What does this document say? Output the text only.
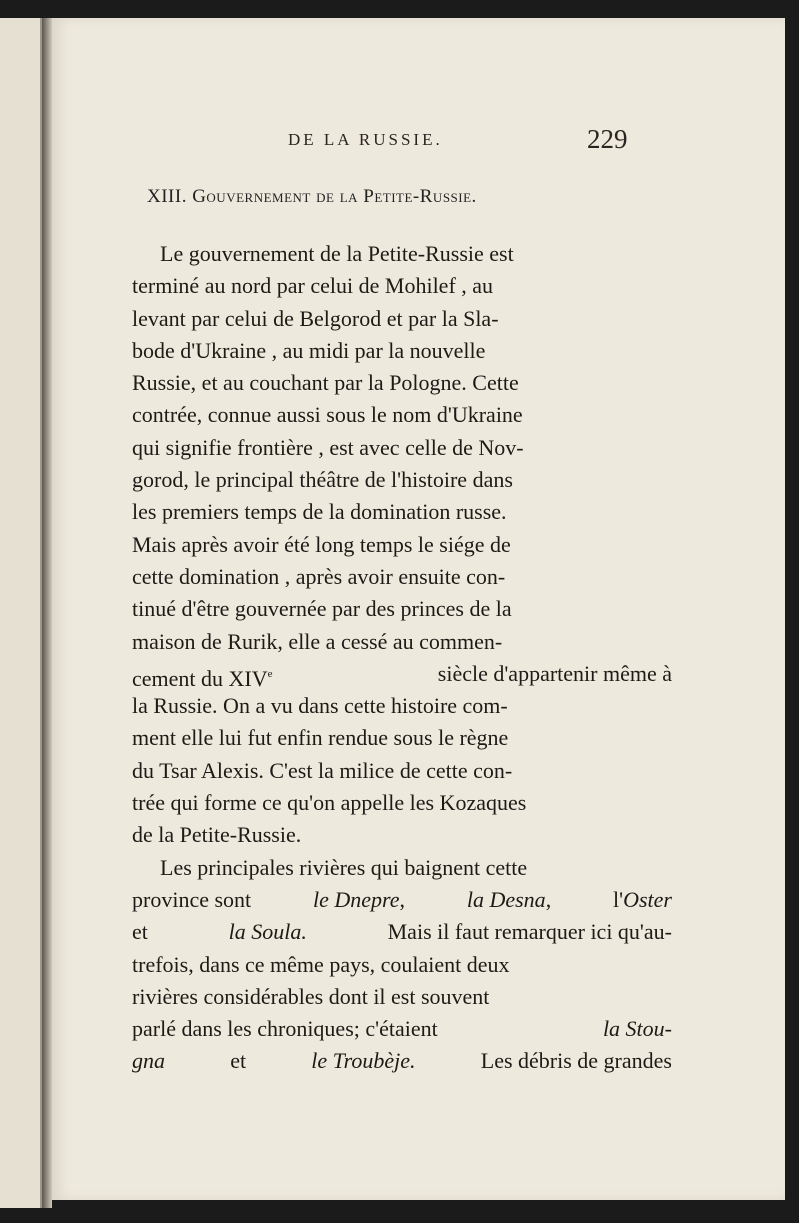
DE LA RUSSIE.	229
XIII. Gouvernement de la Petite-Russie.
Le gouvernement de la Petite-Russie est
terminé au nord par celui de Mohilef , au
levant par celui de Belgorod et par la Sla-
bode d'Ukraine , au midi par la nouvelle
Russie, et au couchant par la Pologne. Cette
contrée, connue aussi sous le nom d'Ukraine
qui signifie frontière , est avec celle de Nov-
gorod, le principal théâtre de l'histoire dans
les premiers temps de la domination russe.
Mais après avoir été long temps le siége de
cette domination , après avoir ensuite con-
tinué d'être gouvernée par des princes de la
maison de Rurik, elle a cessé au commen-
cement du XIVe	siècle d'appartenir même à
la Russie. On a vu dans cette histoire com-
ment elle lui fut enfin rendue sous le règne
du Tsar Alexis. C'est la milice de cette con-
trée qui forme ce qu'on appelle les Kozaques
de la Petite-Russie.
Les principales rivières qui baignent cette
province sont	le Dnepre,	la Desna,	l'Oster
et	la Soula.	Mais il faut remarquer ici qu'au-
trefois, dans ce même pays, coulaient deux
rivières considérables dont il est souvent
parlé dans les chroniques; c'étaient	la Stou-
gna	et	le Troubèje.	Les débris de grandes
